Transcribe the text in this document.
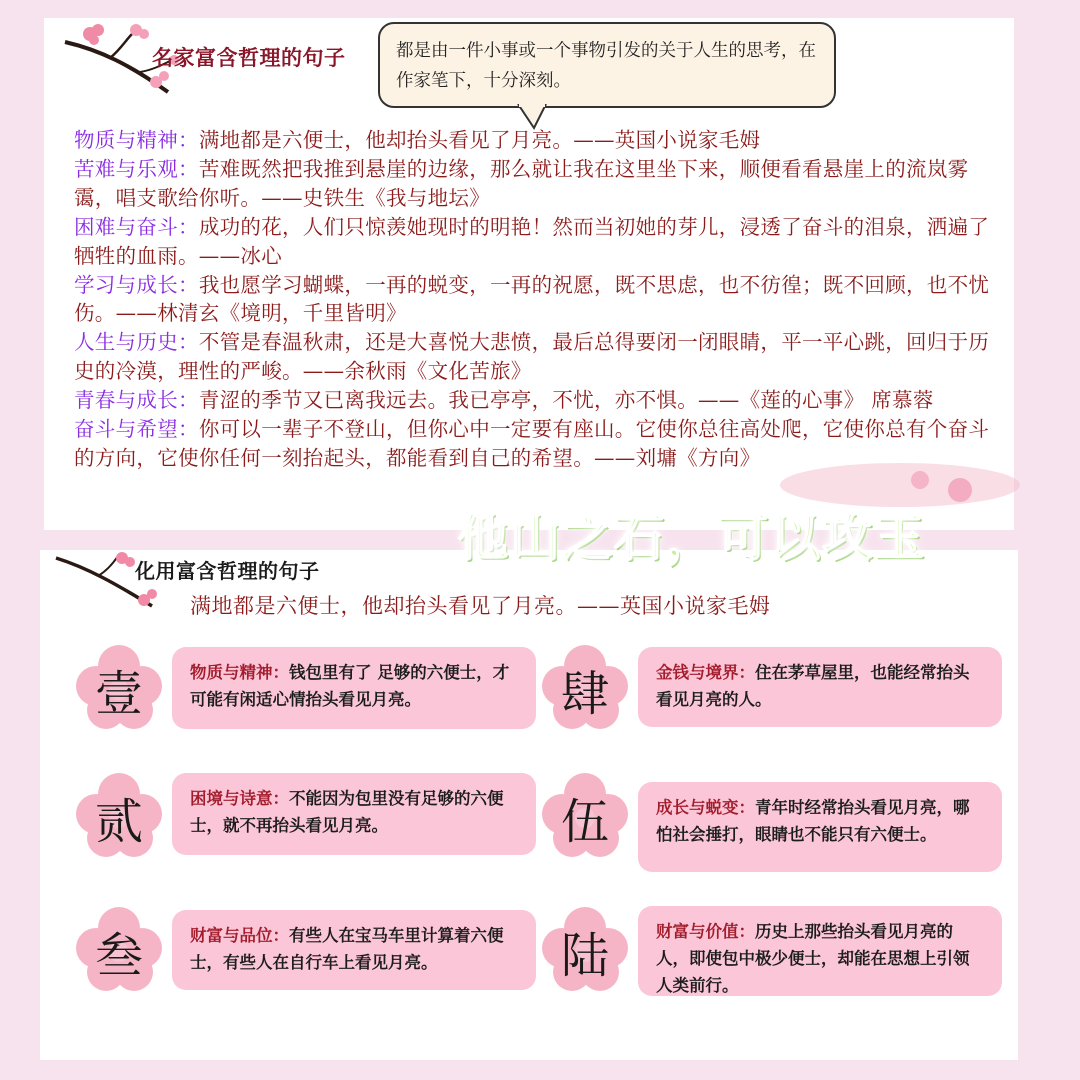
名家富含哲理的句子	都是由一件小事或一个事物引发的关于人生的思考，在作家笔下，十分深刻。

物质与精神：满地都是六便士，他却抬头看见了月亮。——英国小说家毛姆

苦难与乐观：苦难既然把我推到悬崖的边缘，那么就让我在这里坐下来，顺便看看悬崖上的流岚雾霭，唱支歌给你听。——史铁生《我与地坛》

困难与奋斗：成功的花，人们只惊羡她现时的明艳！然而当初她的芽儿，浸透了奋斗的泪泉，洒遍了牺牲的血雨。——冰心

学习与成长：我也愿学习蝴蝶，一再的蜕变，一再的祝愿，既不思虑，也不彷徨；既不回顾，也不忧伤。——林清玄《境明，千里皆明》

人生与历史：不管是春温秋肃，还是大喜悦大悲愤，最后总得要闭一闭眼睛，平一平心跳，回归于历史的冷漠，理性的严峻。——余秋雨《文化苦旅》

青春与成长：青涩的季节又已离我远去。我已亭亭，不忧，亦不惧。——《莲的心事》 席慕蓉

奋斗与希望：你可以一辈子不登山，但你心中一定要有座山。它使你总往高处爬，它使你总有个奋斗的方向，它使你任何一刻抬起头，都能看到自己的希望。——刘墉《方向》

他山之石，可以攻玉
化用富含哲理的句子
满地都是六便士，他却抬头看见了月亮。——英国小说家毛姆
壹	物质与精神：钱包里有了 足够的六便士，才可能有闲适心情抬头看见月亮。
贰	困境与诗意：不能因为包里没有足够的六便士，就不再抬头看见月亮。
叁	财富与品位：有些人在宝马车里计算着六便士，有些人在自行车上看见月亮。
肆	金钱与境界：住在茅草屋里，也能经常抬头看见月亮的人。
伍	成长与蜕变：青年时经常抬头看见月亮，哪怕社会捶打，眼睛也不能只有六便士。
陆	财富与价值：历史上那些抬头看见月亮的人，即使包中极少便士，却能在思想上引领人类前行。
